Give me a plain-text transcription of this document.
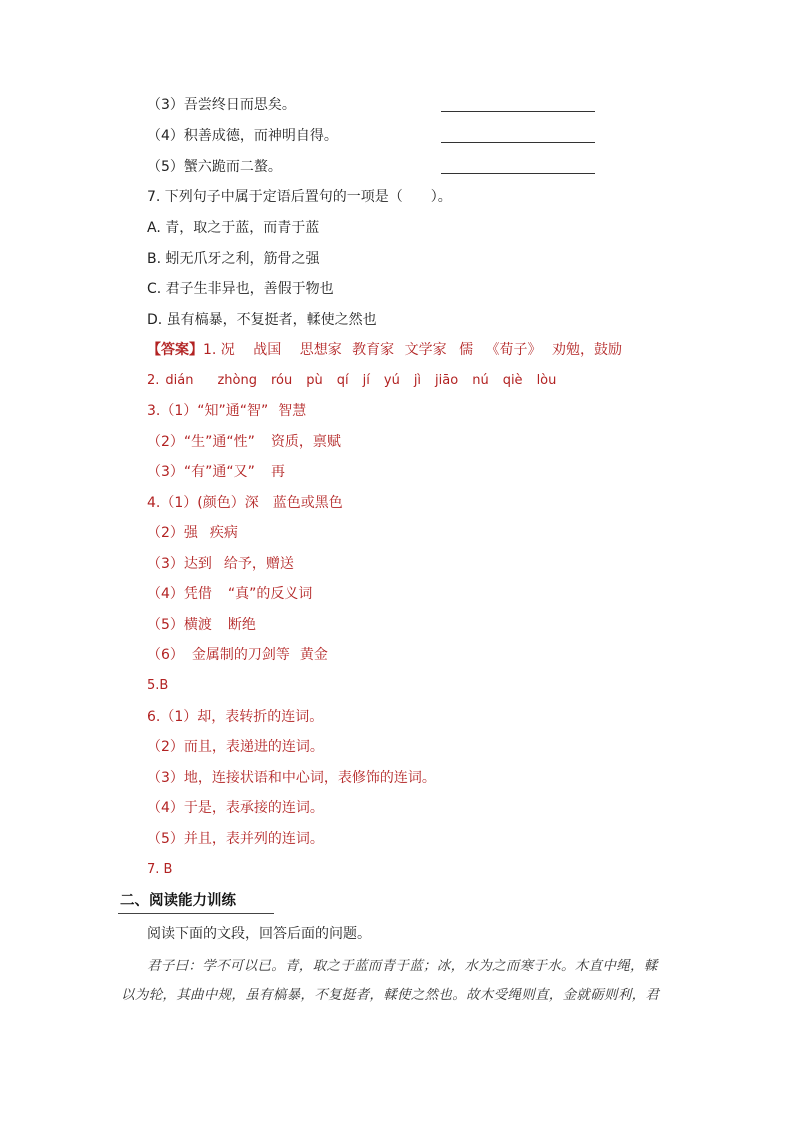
（3）吾尝终日而思矣。
（4）积善成德，而神明自得。
（5）蟹六跪而二螯。
7. 下列句子中属于定语后置句的一项是（　　）。
A. 青，取之于蓝，而青于蓝
B. 蚓无爪牙之利，筋骨之强
C. 君子生非异也，善假于物也
D. 虽有槁暴，不复挺者，輮使之然也
【答案】1. 况 战国 思想家 教育家 文学家 儒 《荀子》 劝勉，鼓励
2. dián zhòng róu pù qí jí yú jì jiāo nú qiè lòu
3.（1）“知”通“智” 智慧
（2）“生”通“性” 资质，禀赋
（3）“有”通“又” 再
4.（1）(颜色）深 蓝色或黑色
（2）强 疾病
（3）达到 给予，赠送
（4）凭借 “真”的反义词
（5）横渡 断绝
（6） 金属制的刀剑等 黄金
5.B
6.（1）却，表转折的连词。
（2）而且，表递进的连词。
（3）地，连接状语和中心词，表修饰的连词。
（4）于是，表承接的连词。
（5）并且，表并列的连词。
7. B
二、阅读能力训练
阅读下面的文段，回答后面的问题。
君子曰：学不可以已。青，取之于蓝而青于蓝；冰，水为之而寒于水。木直中绳，輮
以为轮，其曲中规，虽有槁暴，不复挺者，輮使之然也。故木受绳则直，金就砺则利，君
